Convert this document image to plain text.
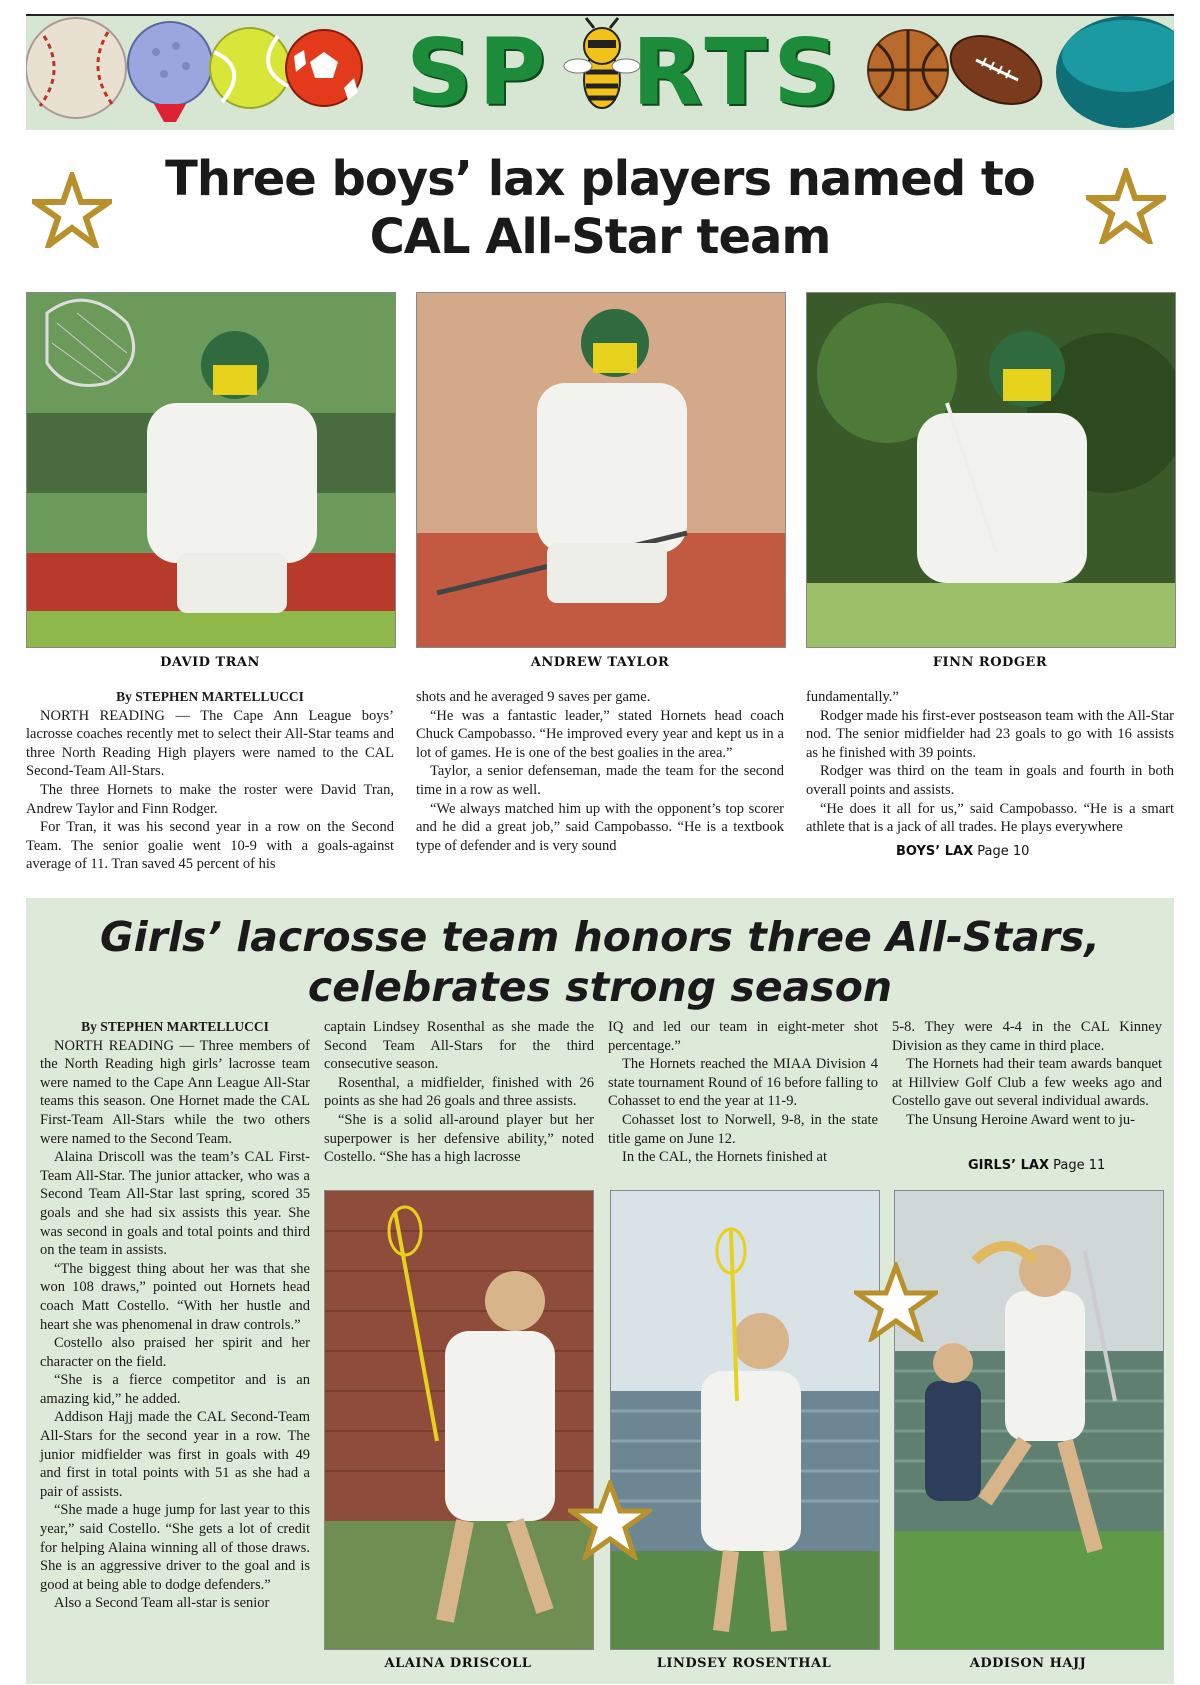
SP RTS
Three boys’ lax players named to
CAL All-Star team
DAVID TRAN	ANDREW TAYLOR	FINN RODGER

By STEPHEN MARTELLUCCI

NORTH READING — The Cape Ann League boys’ lacrosse coaches recently met to select their All-Star teams and three North Reading High players were named to the CAL Second-Team All-Stars.

The three Hornets to make the roster were David Tran, Andrew Taylor and Finn Rodger.

For Tran, it was his second year in a row on the Second Team. The senior goalie went 10-9 with a goals-against average of 11. Tran saved 45 percent of his

shots and he averaged 9 saves per game.

“He was a fantastic leader,” stated Hornets head coach Chuck Campobasso. “He improved every year and kept us in a lot of games. He is one of the best goalies in the area.”

Taylor, a senior defenseman, made the team for the second time in a row as well.

“We always matched him up with the opponent’s top scorer and he did a great job,” said Campobasso. “He is a textbook type of defender and is very sound

fundamentally.”

Rodger made his first-ever postseason team with the All-Star nod. The senior midfielder had 23 goals to go with 16 assists as he finished with 39 points.

Rodger was third on the team in goals and fourth in both overall points and assists.

“He does it all for us,” said Campobasso. “He is a smart athlete that is a jack of all trades. He plays everywhere

BOYS’ LAX Page 10
Girls’ lacrosse team honors three All-Stars,
celebrates strong season

By STEPHEN MARTELLUCCI

NORTH READING — Three members of the North Reading high girls’ lacrosse team were named to the Cape Ann League All-Star teams this season. One Hornet made the CAL First-Team All-Stars while the two others were named to the Second Team.

Alaina Driscoll was the team’s CAL First-Team All-Star. The junior attacker, who was a Second Team All-Star last spring, scored 35 goals and she had six assists this year. She was second in goals and total points and third on the team in assists.

“The biggest thing about her was that she won 108 draws,” pointed out Hornets head coach Matt Costello. “With her hustle and heart she was phenomenal in draw controls.”

Costello also praised her spirit and her character on the field.

“She is a fierce competitor and is an amazing kid,” he added.

Addison Hajj made the CAL Second-Team All-Stars for the second year in a row. The junior midfielder was first in goals with 49 and first in total points with 51 as she had a pair of assists.

“She made a huge jump for last year to this year,” said Costello. “She gets a lot of credit for helping Alaina winning all of those draws. She is an aggressive driver to the goal and is good at being able to dodge defenders.”

Also a Second Team all-star is senior

captain Lindsey Rosenthal as she made the Second Team All-Stars for the third consecutive season.

Rosenthal, a midfielder, finished with 26 points as she had 26 goals and three assists.

“She is a solid all-around player but her superpower is her defensive ability,” noted Costello. “She has a high lacrosse

IQ and led our team in eight-meter shot percentage.”

The Hornets reached the MIAA Division 4 state tournament Round of 16 before falling to Cohasset to end the year at 11-9.

Cohasset lost to Norwell, 9-8, in the state title game on June 12.

In the CAL, the Hornets finished at

5-8. They were 4-4 in the CAL Kinney Division as they came in third place.

The Hornets had their team awards banquet at Hillview Golf Club a few weeks ago and Costello gave out several individual awards.

The Unsung Heroine Award went to ju-

GIRLS’ LAX Page 11
ALAINA DRISCOLL	LINDSEY ROSENTHAL	ADDISON HAJJ
